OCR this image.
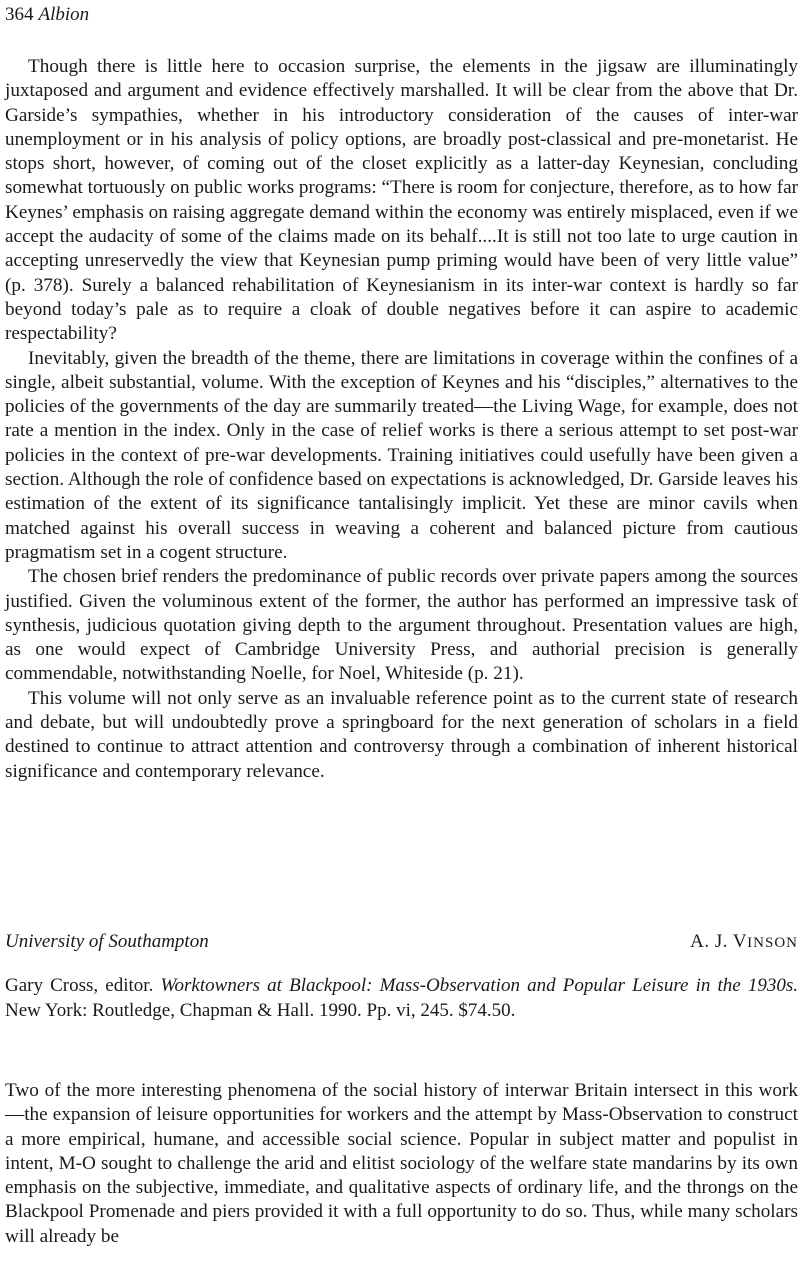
364 Albion

Though there is little here to occasion surprise, the elements in the jigsaw are illuminatingly juxtaposed and argument and evidence effectively marshalled. It will be clear from the above that Dr. Garside’s sympathies, whether in his introductory consideration of the causes of inter-war unemployment or in his analysis of policy options, are broadly post-classical and pre-monetarist. He stops short, however, of coming out of the closet explicitly as a latter-day Keynesian, concluding somewhat tortuously on public works programs: “There is room for conjecture, therefore, as to how far Keynes’ emphasis on raising aggregate demand within the economy was entirely misplaced, even if we accept the audacity of some of the claims made on its behalf....It is still not too late to urge caution in accepting unreservedly the view that Keynesian pump priming would have been of very little value” (p. 378). Surely a balanced rehabilitation of Keynesianism in its inter-war context is hardly so far beyond today’s pale as to require a cloak of double negatives before it can aspire to academic respectability?

Inevitably, given the breadth of the theme, there are limitations in coverage within the confines of a single, albeit substantial, volume. With the exception of Keynes and his “disciples,” alternatives to the policies of the governments of the day are summarily treated—the Living Wage, for example, does not rate a mention in the index. Only in the case of relief works is there a serious attempt to set post-war policies in the context of pre-war developments. Training initiatives could usefully have been given a section. Although the role of confidence based on expectations is acknowledged, Dr. Garside leaves his estimation of the extent of its significance tantalisingly implicit. Yet these are minor cavils when matched against his overall success in weaving a coherent and balanced picture from cautious pragmatism set in a cogent structure.

The chosen brief renders the predominance of public records over private papers among the sources justified. Given the voluminous extent of the former, the author has performed an impressive task of synthesis, judicious quotation giving depth to the argument throughout. Presentation values are high, as one would expect of Cambridge University Press, and authorial precision is generally commendable, notwithstanding Noelle, for Noel, Whiteside (p. 21).

This volume will not only serve as an invaluable reference point as to the current state of research and debate, but will undoubtedly prove a springboard for the next generation of scholars in a field destined to continue to attract attention and controversy through a combination of inherent historical significance and contemporary relevance.

University of Southampton	A. J. VINSON
Gary Cross, editor. Worktowners at Blackpool: Mass-Observation and Popular Leisure in the 1930s. New York: Routledge, Chapman & Hall. 1990. Pp. vi, 245. $74.50.

Two of the more interesting phenomena of the social history of interwar Britain intersect in this work—the expansion of leisure opportunities for workers and the attempt by Mass-Observation to construct a more empirical, humane, and accessible social science. Popular in subject matter and populist in intent, M-O sought to challenge the arid and elitist sociology of the welfare state mandarins by its own emphasis on the subjective, immediate, and qualitative aspects of ordinary life, and the throngs on the Blackpool Promenade and piers provided it with a full opportunity to do so. Thus, while many scholars will already be
